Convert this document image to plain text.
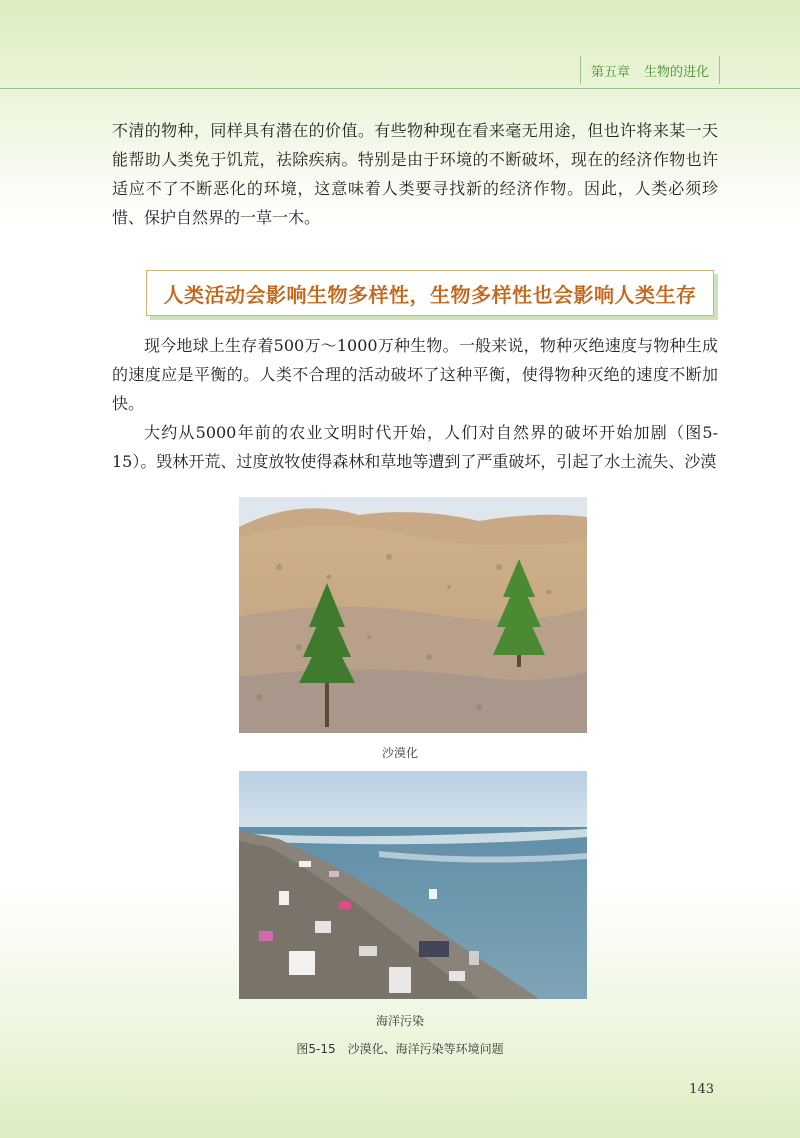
第五章 生物的进化

不清的物种，同样具有潜在的价值。有些物种现在看来毫无用途，但也许将来某一天能帮助人类免于饥荒，祛除疾病。特别是由于环境的不断破坏，现在的经济作物也许适应不了不断恶化的环境，这意味着人类要寻找新的经济作物。因此，人类必须珍惜、保护自然界的一草一木。

人类活动会影响生物多样性，生物多样性也会影响人类生存

现今地球上生存着500万～1000万种生物。一般来说，物种灭绝速度与物种生成的速度应是平衡的。人类不合理的活动破坏了这种平衡，使得物种灭绝的速度不断加快。

大约从5000年前的农业文明时代开始，人们对自然界的破坏开始加剧（图5-15）。毁林开荒、过度放牧使得森林和草地等遭到了严重破坏，引起了水土流失、沙漠

沙漠化
海洋污染
图5-15　沙漠化、海洋污染等环境问题
143
